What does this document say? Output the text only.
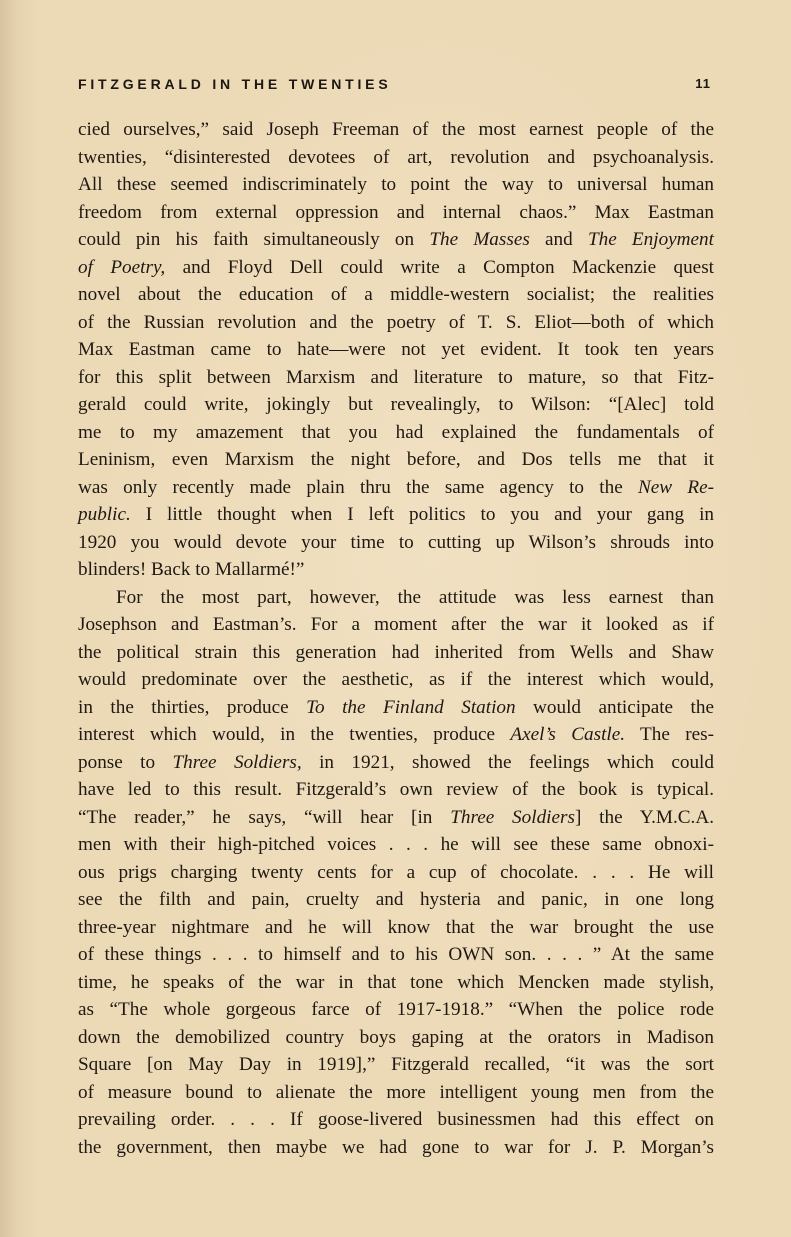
FITZGERALD IN THE TWENTIES	11
cied ourselves,” said Joseph Freeman of the most earnest people of the
twenties, “disinterested devotees of art, revolution and psychoanalysis.
All these seemed indiscriminately to point the way to universal human
freedom from external oppression and internal chaos.” Max Eastman
could pin his faith simultaneously on The Masses and The Enjoyment
of Poetry, and Floyd Dell could write a Compton Mackenzie quest
novel about the education of a middle-western socialist; the realities
of the Russian revolution and the poetry of T. S. Eliot—both of which
Max Eastman came to hate—were not yet evident. It took ten years
for this split between Marxism and literature to mature, so that Fitz-
gerald could write, jokingly but revealingly, to Wilson: “[Alec] told
me to my amazement that you had explained the fundamentals of
Leninism, even Marxism the night before, and Dos tells me that it
was only recently made plain thru the same agency to the New Re-
public. I little thought when I left politics to you and your gang in
1920 you would devote your time to cutting up Wilson’s shrouds into
blinders! Back to Mallarmé!”
For the most part, however, the attitude was less earnest than
Josephson and Eastman’s. For a moment after the war it looked as if
the political strain this generation had inherited from Wells and Shaw
would predominate over the aesthetic, as if the interest which would,
in the thirties, produce To the Finland Station would anticipate the
interest which would, in the twenties, produce Axel’s Castle. The res-
ponse to Three Soldiers, in 1921, showed the feelings which could
have led to this result. Fitzgerald’s own review of the book is typical.
“The reader,” he says, “will hear [in Three Soldiers] the Y.M.C.A.
men with their high-pitched voices . . . he will see these same obnoxi-
ous prigs charging twenty cents for a cup of chocolate. . . . He will
see the filth and pain, cruelty and hysteria and panic, in one long
three-year nightmare and he will know that the war brought the use
of these things . . . to himself and to his OWN son. . . . ” At the same
time, he speaks of the war in that tone which Mencken made stylish,
as “The whole gorgeous farce of 1917-1918.” “When the police rode
down the demobilized country boys gaping at the orators in Madison
Square [on May Day in 1919],” Fitzgerald recalled, “it was the sort
of measure bound to alienate the more intelligent young men from the
prevailing order. . . . If goose-livered businessmen had this effect on
the government, then maybe we had gone to war for J. P. Morgan’s
